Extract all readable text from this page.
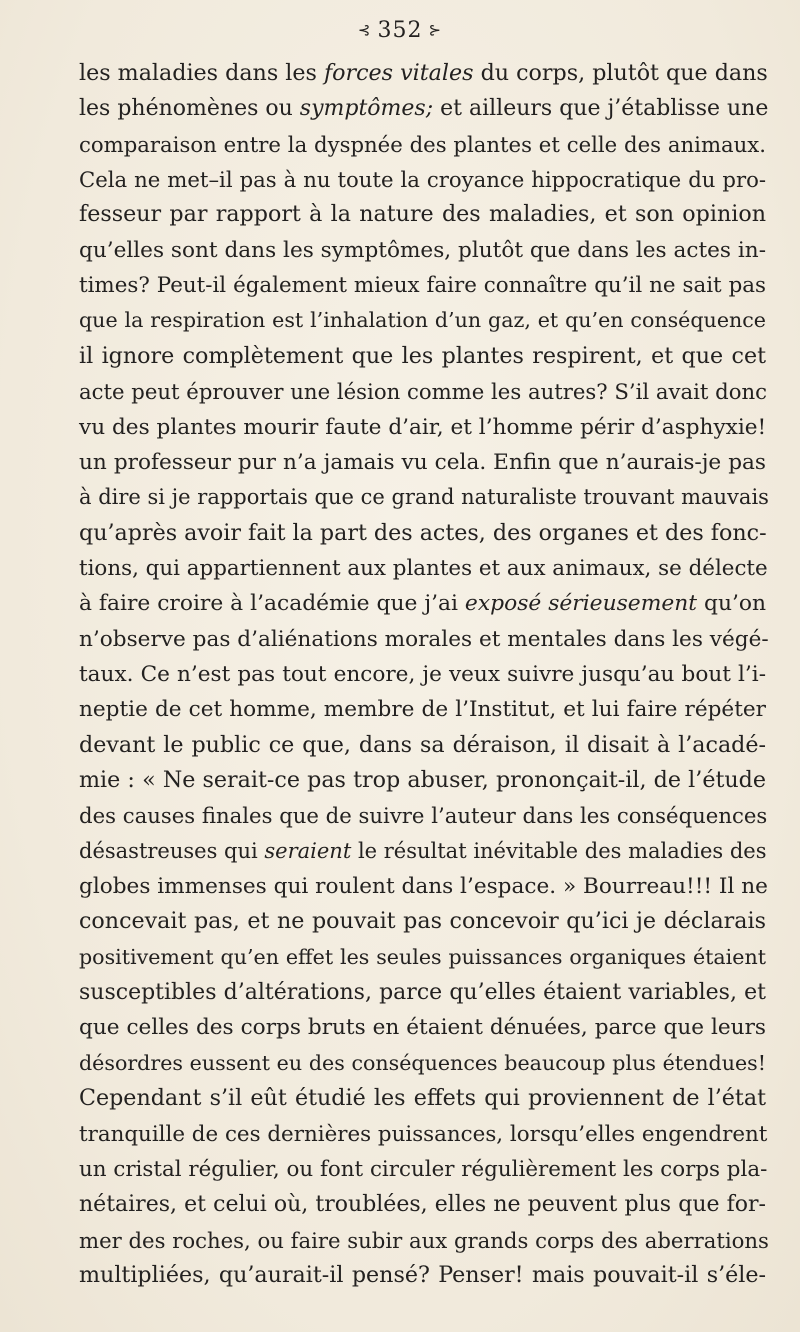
⊰ 352 ⊱
les maladies dans les forces vitales du corps, plutôt que dans
les phénomènes ou symptômes; et ailleurs que j’établisse une
comparaison entre la dyspnée des plantes et celle des animaux.
Cela ne met–il pas à nu toute la croyance hippocratique du pro-
fesseur par rapport à la nature des maladies, et son opinion
qu’elles sont dans les symptômes, plutôt que dans les actes in-
times? Peut-il également mieux faire connaître qu’il ne sait pas
que la respiration est l’inhalation d’un gaz, et qu’en conséquence
il ignore complètement que les plantes respirent, et que cet
acte peut éprouver une lésion comme les autres? S’il avait donc
vu des plantes mourir faute d’air, et l’homme périr d’asphyxie!
un professeur pur n’a jamais vu cela. Enfin que n’aurais-je pas
à dire si je rapportais que ce grand naturaliste trouvant mauvais
qu’après avoir fait la part des actes, des organes et des fonc-
tions, qui appartiennent aux plantes et aux animaux, se délecte
à faire croire à l’académie que j’ai exposé sérieusement qu’on
n’observe pas d’aliénations morales et mentales dans les végé-
taux. Ce n’est pas tout encore, je veux suivre jusqu’au bout l’i-
neptie de cet homme, membre de l’Institut, et lui faire répéter
devant le public ce que, dans sa déraison, il disait à l’acadé-
mie : « Ne serait-ce pas trop abuser, prononçait-il, de l’étude
des causes finales que de suivre l’auteur dans les conséquences
désastreuses qui seraient le résultat inévitable des maladies des
globes immenses qui roulent dans l’espace. » Bourreau!!! Il ne
concevait pas, et ne pouvait pas concevoir qu’ici je déclarais
positivement qu’en effet les seules puissances organiques étaient
susceptibles d’altérations, parce qu’elles étaient variables, et
que celles des corps bruts en étaient dénuées, parce que leurs
désordres eussent eu des conséquences beaucoup plus étendues!
Cependant s’il eût étudié les effets qui proviennent de l’état
tranquille de ces dernières puissances, lorsqu’elles engendrent
un cristal régulier, ou font circuler régulièrement les corps pla-
nétaires, et celui où, troublées, elles ne peuvent plus que for-
mer des roches, ou faire subir aux grands corps des aberrations
multipliées, qu’aurait-il pensé? Penser! mais pouvait-il s’éle-
